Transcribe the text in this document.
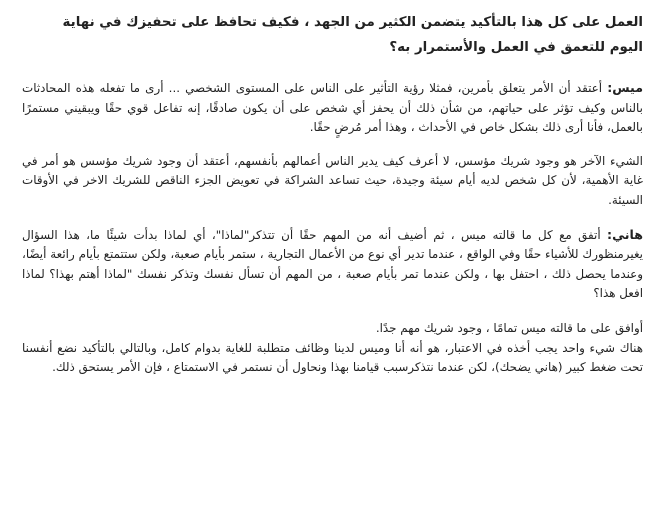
العمل على كل هذا بالتأكيد يتضمن الكثير من الجهد ، فكيف تحافظ على تحفيزك في نهاية
اليوم للتعمق في العمل والأستمرار به؟

ميس: أعتقد أن الأمر يتعلق بأمرين، فمثلا رؤية التأثير على الناس على المستوى الشخصي ... أرى ما تفعله هذه المحادثات بالناس وكيف تؤثر على حياتهم، من شأن ذلك أن يحفز أي شخص على أن يكون صادقًا، إنه تفاعل قوي حقًا ويبقيني مستمرًا بالعمل، فأنا أرى ذلك بشكل خاص في الأحداث ، وهذا أمر مُرضٍ حقًا.

الشيء الآخر هو وجود شريك مؤسس، لا أعرف كيف يدير الناس أعمالهم بأنفسهم، أعتقد أن وجود شريك مؤسس هو أمر في غاية الأهمية، لأن كل شخص لديه أيام سيئة وجيدة، حيث تساعد الشراكة في تعويض الجزء الناقص للشريك الاخر في الأوقات السيئة.

هاني: أتفق مع كل ما قالته ميس ، ثم أضيف أنه من المهم حقًا أن تتذكر"لماذا"، أي لماذا بدأت شيئًا ما، هذا السؤال يغيرمنظورك للأشياء حقًا وفي الواقع ، عندما تدير أي نوع من الأعمال التجارية ، ستمر بأيام صعبة، ولكن ستتمتع بأيام رائعة أيضًا، وعندما يحصل ذلك ، احتفل بها ، ولكن عندما تمر بأيام صعبة ، من المهم أن تسأل نفسك وتذكر نفسك "لماذا أهتم بهذا؟ لماذا افعل هذا؟

أوافق على ما قالته ميس تمامًا ، وجود شريك مهم جدًا.
هناك شيء واحد يجب أخذه في الاعتبار، هو أنه أنا وميس لدينا وظائف متطلبة للغاية بدوام كامل، وبالتالي بالتأكيد نضع أنفسنا تحت ضغط كبير (هاني يضحك)، لكن عندما نتذكرسبب قيامنا بهذا ونحاول أن نستمر في الاستمتاع ، فإن الأمر يستحق ذلك.
